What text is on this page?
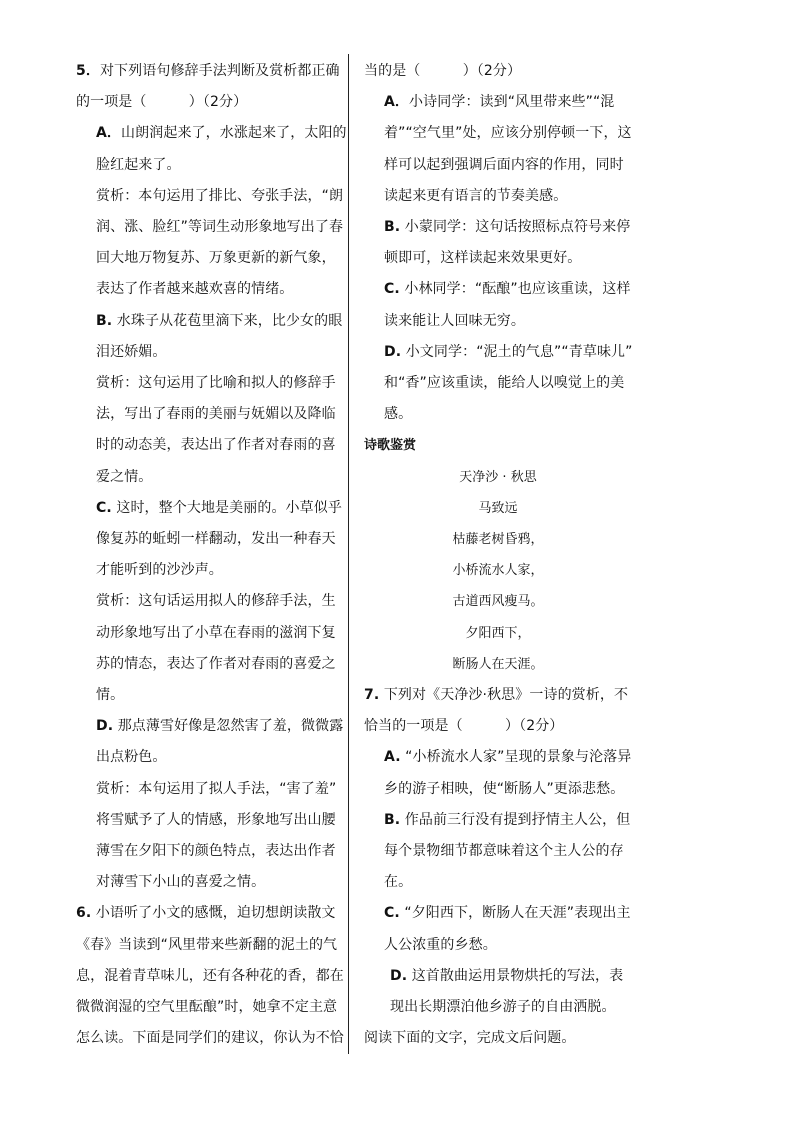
5．对下列语句修辞手法判断及赏析都正确
的一项是（　　　）（2分）
A．山朗润起来了，水涨起来了，太阳的
脸红起来了。
赏析：本句运用了排比、夸张手法，“朗
润、涨、脸红”等词生动形象地写出了春
回大地万物复苏、万象更新的新气象，
表达了作者越来越欢喜的情绪。
B. 水珠子从花苞里滴下来，比少女的眼
泪还娇媚。
赏析：这句运用了比喻和拟人的修辞手
法，写出了春雨的美丽与妩媚以及降临
时的动态美，表达出了作者对春雨的喜
爱之情。
C. 这时，整个大地是美丽的。小草似乎
像复苏的蚯蚓一样翻动，发出一种春天
才能听到的沙沙声。
赏析：这句话运用拟人的修辞手法，生
动形象地写出了小草在春雨的滋润下复
苏的情态，表达了作者对春雨的喜爱之
情。
D. 那点薄雪好像是忽然害了羞，微微露
出点粉色。
赏析：本句运用了拟人手法，“害了羞”
将雪赋予了人的情感，形象地写出山腰
薄雪在夕阳下的颜色特点，表达出作者
对薄雪下小山的喜爱之情。
6. 小语听了小文的感慨，迫切想朗读散文
《春》当读到“风里带来些新翻的泥土的气
息，混着青草味儿，还有各种花的香，都在
微微润湿的空气里酝酿”时，她拿不定主意
怎么读。下面是同学们的建议，你认为不恰
当的是（　　　）（2分）
A．小诗同学：读到“风里带来些”“混
着”“空气里”处，应该分别停顿一下，这
样可以起到强调后面内容的作用，同时
读起来更有语言的节奏美感。
B. 小蒙同学：这句话按照标点符号来停
顿即可，这样读起来效果更好。
C. 小林同学：“酝酿”也应该重读，这样
读来能让人回味无穷。
D. 小文同学：“泥土的气息”“青草味儿”
和“香”应该重读，能给人以嗅觉上的美
感。
诗歌鉴赏
天净沙 · 秋思
马致远
枯藤老树昏鸦，
小桥流水人家，
古道西风瘦马。
夕阳西下，
断肠人在天涯。
7. 下列对《天净沙·秋思》一诗的赏析，不
恰当的一项是（　　　）（2分）
A. “小桥流水人家”呈现的景象与沦落异
乡的游子相映，使“断肠人”更添悲愁。
B. 作品前三行没有提到抒情主人公，但
每个景物细节都意味着这个主人公的存
在。
C. “夕阳西下，断肠人在天涯”表现出主
人公浓重的乡愁。
D. 这首散曲运用景物烘托的写法，表
现出长期漂泊他乡游子的自由洒脱。
阅读下面的文字，完成文后问题。
